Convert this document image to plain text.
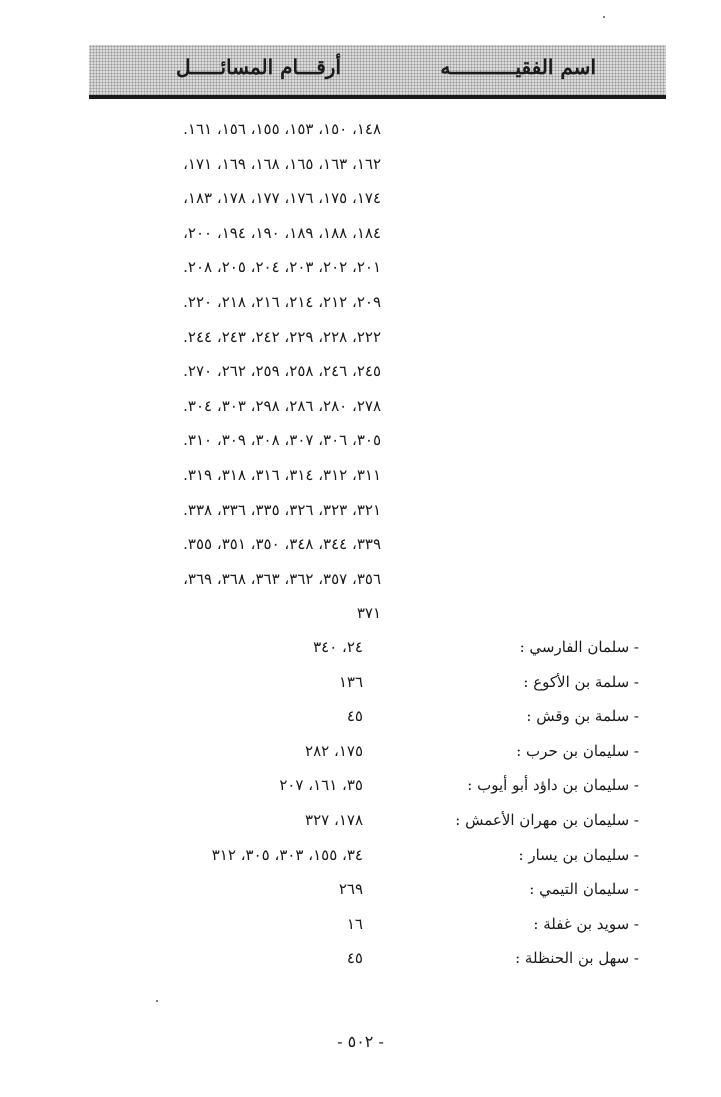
اسم الفقيـــــــــــه
أرقـــام المسائـــــل
١٤٨، ١٥٠، ١٥٣، ١٥٥، ١٥٦، ١٦١.
١٦٢، ١٦٣، ١٦٥، ١٦٨، ١٦٩، ١٧١،
١٧٤، ١٧٥، ١٧٦، ١٧٧، ١٧٨، ١٨٣،
١٨٤، ١٨٨، ١٨٩، ١٩٠، ١٩٤، ٢٠٠،
٢٠١، ٢٠٢، ٢٠٣، ٢٠٤، ٢٠٥، ٢٠٨.
٢٠٩، ٢١٢، ٢١٤، ٢١٦، ٢١٨، ٢٢٠.
٢٢٢، ٢٢٨، ٢٢٩، ٢٤٢، ٢٤٣، ٢٤٤.
٢٤٥، ٢٤٦، ٢٥٨، ٢٥٩، ٢٦٢، ٢٧٠.
٢٧٨، ٢٨٠، ٢٨٦، ٢٩٨، ٣٠٣، ٣٠٤.
٣٠٥، ٣٠٦، ٣٠٧، ٣٠٨، ٣٠٩، ٣١٠.
٣١١، ٣١٢، ٣١٤، ٣١٦، ٣١٨، ٣١٩.
٣٢١، ٣٢٣، ٣٢٦، ٣٣٥، ٣٣٦، ٣٣٨.
٣٣٩، ٣٤٤، ٣٤٨، ٣٥٠، ٣٥١، ٣٥٥.
٣٥٦، ٣٥٧، ٣٦٢، ٣٦٣، ٣٦٨، ٣٦٩،
٣٧١
- سلمان الفارسي :
٢٤، ٣٤٠
- سلمة بن الأكوع :
١٣٦
- سلمة بن وقش :
٤٥
- سليمان بن حرب :
١٧٥، ٢٨٢
- سليمان بن داؤد أبو أيوب :
٣٥، ١٦١، ٢٠٧
- سليمان بن مهران الأعمش :
١٧٨، ٣٢٧
- سليمان بن يسار :
٣٤، ١٥٥، ٣٠٣، ٣٠٥، ٣١٢
- سليمان التيمي :
٢٦٩
- سويد بن غفلة :
١٦
- سهل بن الحنظلة :
٤٥
- ٥٠٢ -
